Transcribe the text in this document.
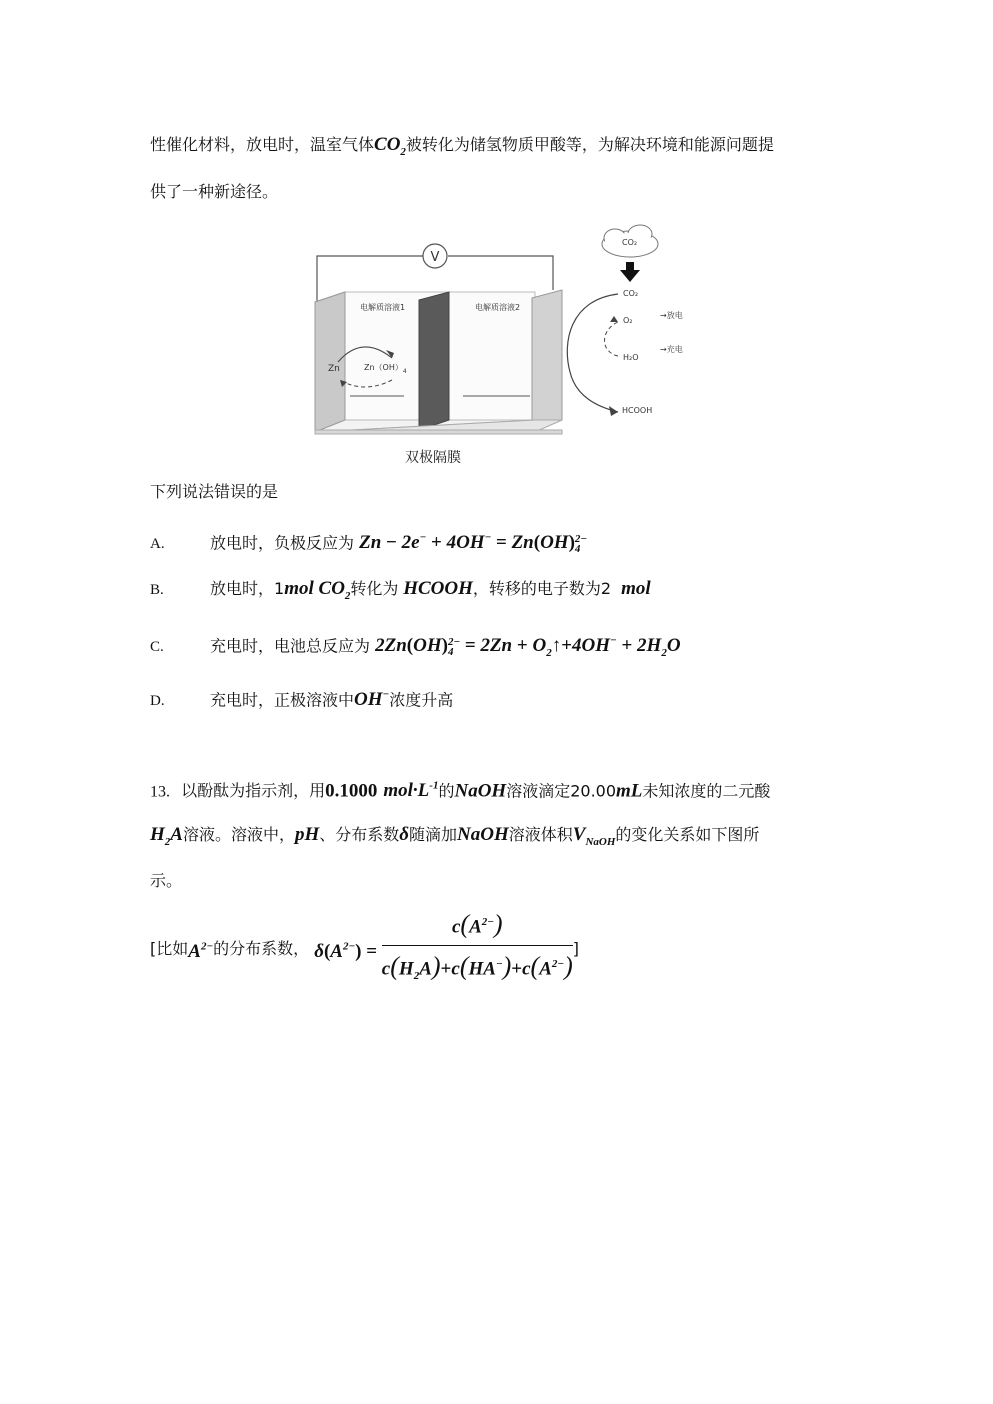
性催化材料，放电时，温室气体$CO_2$被转化为储氢物质甲酸等，为解决环境和能源问题提
供了一种新途径。
V
电解质溶液1	电解质溶液2
Zn	$Zn(OH)_4$
CO₂
CO₂
O₂
H₂O
→放电
→充电
HCOOH
双极隔膜
下列说法错误的是
A.	放电时，负极反应为 Zn − 2e− + 4OH− = Zn(OH) 2−
4
B.	放电时，1mol $CO_2$转化为 HCOOH，转移的电子数为2 mol
C.	充电时，电池总反应为 2Zn(OH) 2−
$4 = 2Zn + O_2↑+4OH^- + 2H_2O$
D.	充电时，正极溶液中OH−浓度升高
13. 以酚酞为指示剂，用0.1000 $mol\cdot L^{-1}$的NaOH溶液滴定20.00mL未知浓度的二元酸
$H_2A$溶液。溶液中，pH、分布系数δ随滴加NaOH溶液体积$V_{NaOH}$的变化关系如下图所
示。
[比如$A^{2-}$的分布系数， $\delta(A^{2-}) = \frac{c(A^{2-})}{c(H_2A)+c(HA^-)+c(A^{2-})}$ ]
